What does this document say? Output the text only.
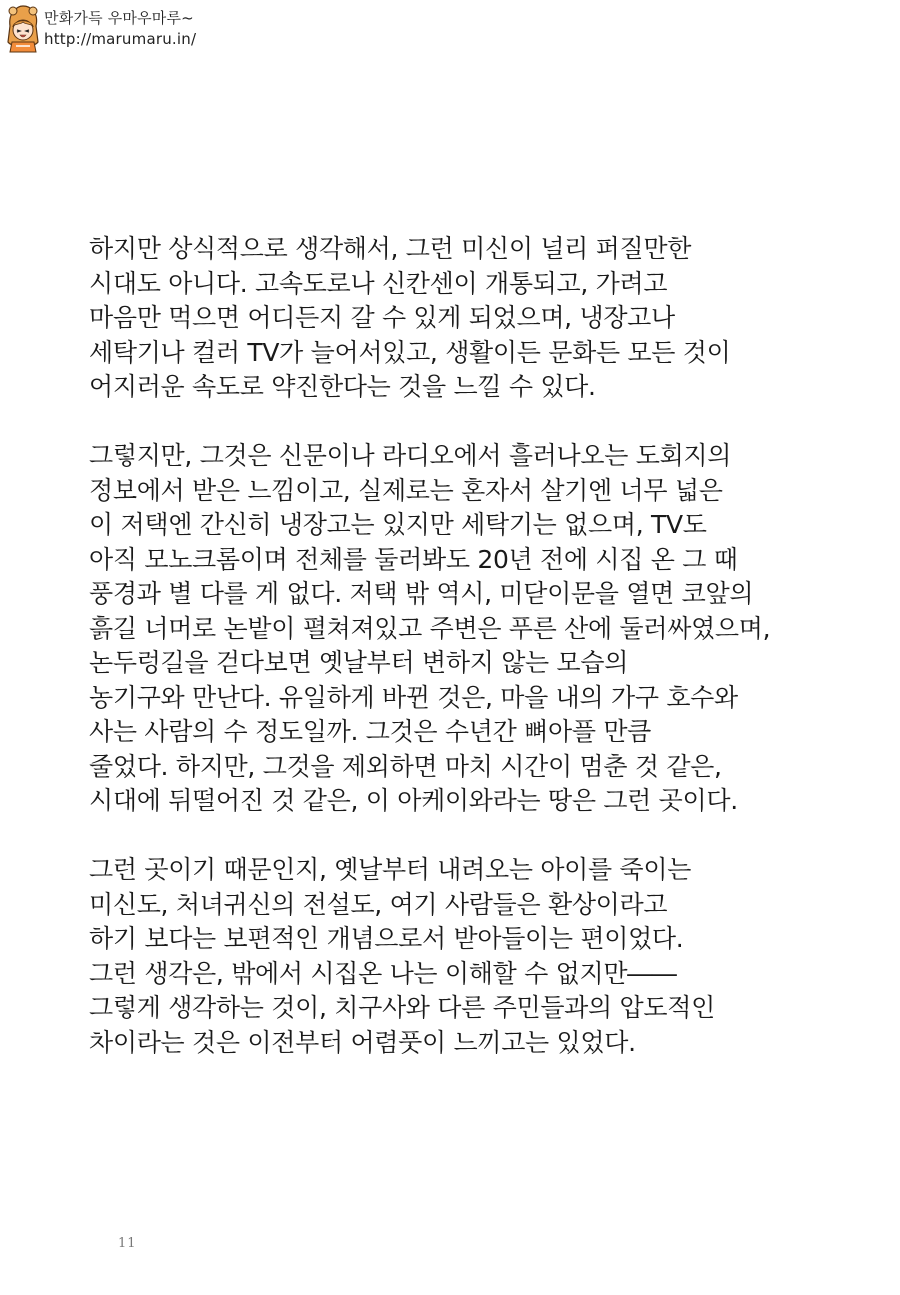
만화가득 우마우마루~
http://marumaru.in/
하지만 상식적으로 생각해서, 그런 미신이 널리 퍼질만한
시대도 아니다. 고속도로나 신칸센이 개통되고, 가려고
마음만 먹으면 어디든지 갈 수 있게 되었으며, 냉장고나
세탁기나 컬러 TV가 늘어서있고, 생활이든 문화든 모든 것이
어지러운 속도로 약진한다는 것을 느낄 수 있다.
그렇지만, 그것은 신문이나 라디오에서 흘러나오는 도회지의
정보에서 받은 느낌이고, 실제로는 혼자서 살기엔 너무 넓은
이 저택엔 간신히 냉장고는 있지만 세탁기는 없으며, TV도
아직 모노크롬이며 전체를 둘러봐도 20년 전에 시집 온 그 때
풍경과 별 다를 게 없다. 저택 밖 역시, 미닫이문을 열면 코앞의
흙길 너머로 논밭이 펼쳐져있고 주변은 푸른 산에 둘러싸였으며,
논두렁길을 걷다보면 옛날부터 변하지 않는 모습의
농기구와 만난다. 유일하게 바뀐 것은, 마을 내의 가구 호수와
사는 사람의 수 정도일까. 그것은 수년간 뼈아플 만큼
줄었다. 하지만, 그것을 제외하면 마치 시간이 멈춘 것 같은,
시대에 뒤떨어진 것 같은, 이 아케이와라는 땅은 그런 곳이다.
그런 곳이기 때문인지, 옛날부터 내려오는 아이를 죽이는
미신도, 처녀귀신의 전설도, 여기 사람들은 환상이라고
하기 보다는 보편적인 개념으로서 받아들이는 편이었다.
그런 생각은, 밖에서 시집온 나는 이해할 수 없지만――
그렇게 생각하는 것이, 치구사와 다른 주민들과의 압도적인
차이라는 것은 이전부터 어렴풋이 느끼고는 있었다.
11
